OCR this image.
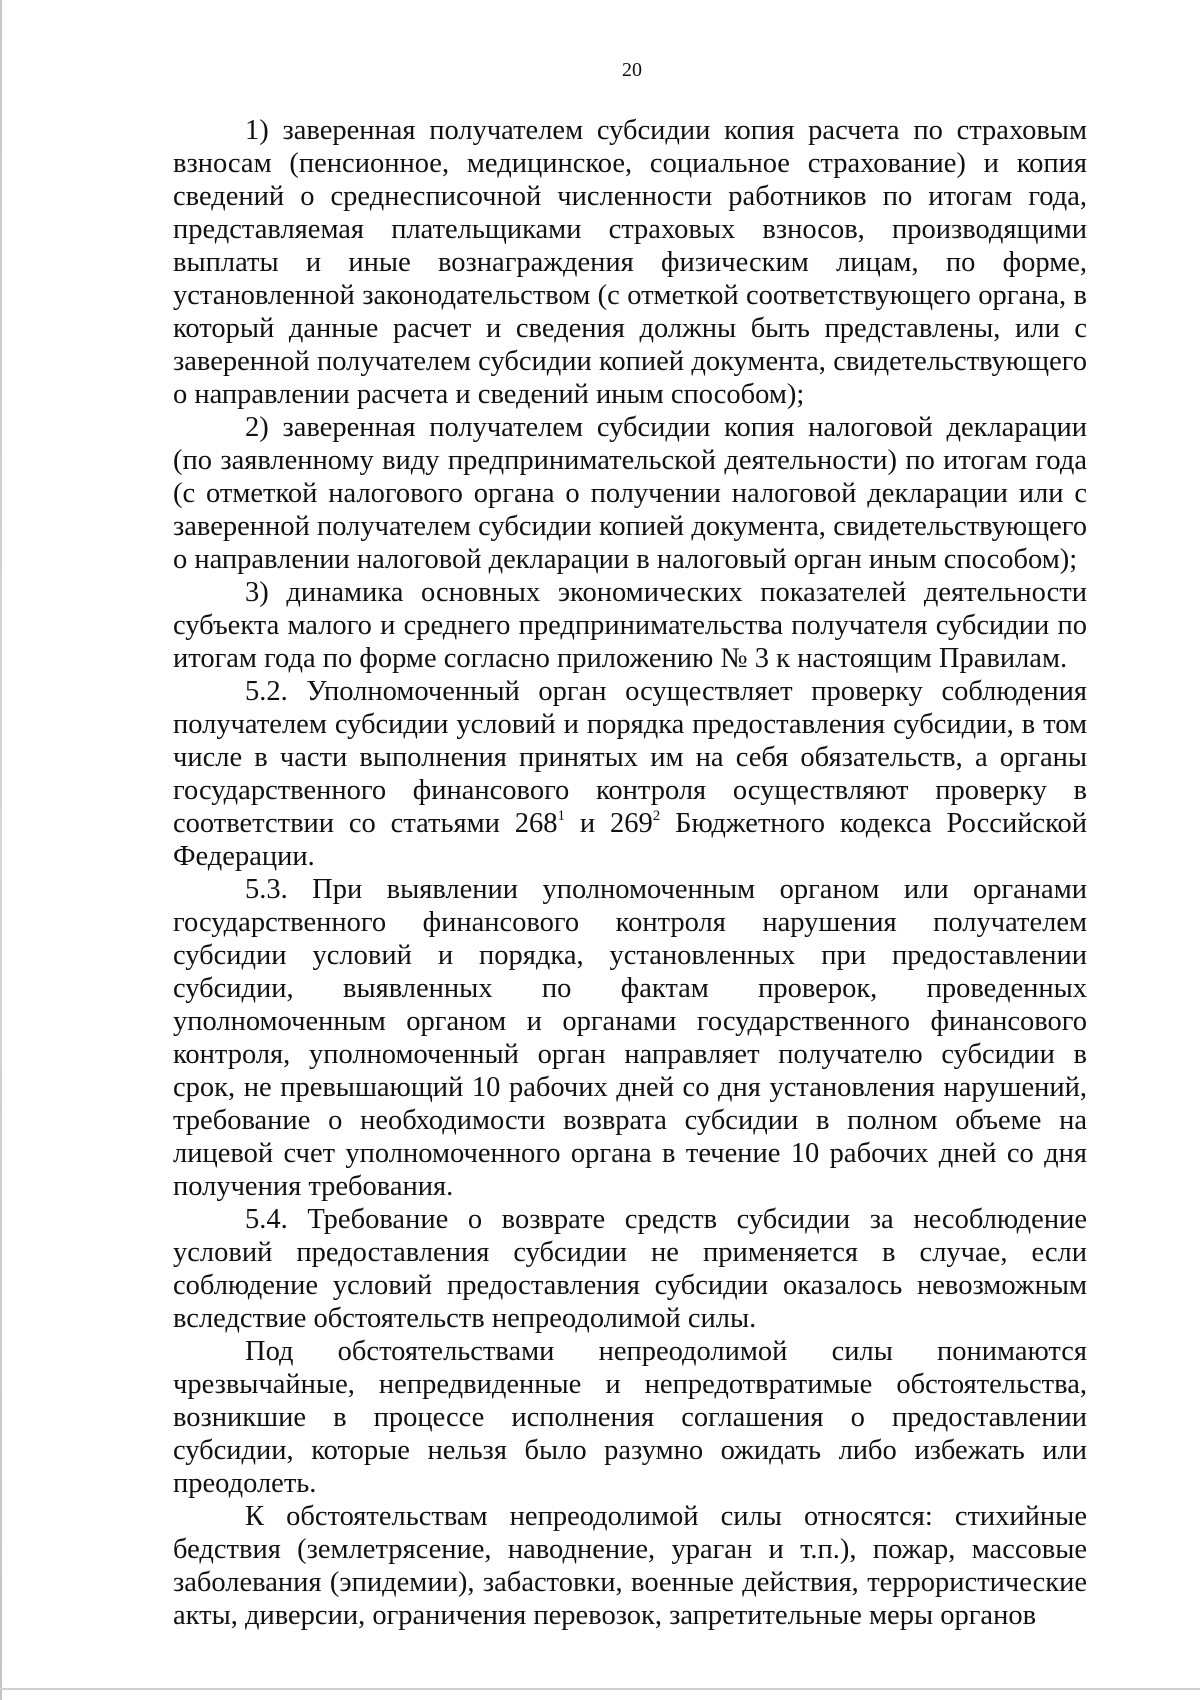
20

1) заверенная получателем субсидии копия расчета по страховым взносам (пенсионное, медицинское, социальное страхование) и копия сведений о среднесписочной численности работников по итогам года, представляемая плательщиками страховых взносов, производящими выплаты и иные вознаграждения физическим лицам, по форме, установленной законодательством (с отметкой соответствующего органа, в который данные расчет и сведения должны быть представлены, или с заверенной получателем субсидии копией документа, свидетельствующего о направлении расчета и сведений иным способом);

2) заверенная получателем субсидии копия налоговой декларации (по заявленному виду предпринимательской деятельности) по итогам года (с отметкой налогового органа о получении налоговой декларации или с заверенной получателем субсидии копией документа, свидетельствующего о направлении налоговой декларации в налоговый орган иным способом);

3) динамика основных экономических показателей деятельности субъекта малого и среднего предпринимательства получателя субсидии по итогам года по форме согласно приложению № 3 к настоящим Правилам.

5.2. Уполномоченный орган осуществляет проверку соблюдения получателем субсидии условий и порядка предоставления субсидии, в том числе в части выполнения принятых им на себя обязательств, а органы государственного финансового контроля осуществляют проверку в соответствии со статьями $268^1$ и $269^2$ Бюджетного кодекса Российской Федерации.

5.3. При выявлении уполномоченным органом или органами государственного финансового контроля нарушения получателем субсидии условий и порядка, установленных при предоставлении субсидии, выявленных по фактам проверок, проведенных уполномоченным органом и органами государственного финансового контроля, уполномоченный орган направляет получателю субсидии в срок, не превышающий 10 рабочих дней со дня установления нарушений, требование о необходимости возврата субсидии в полном объеме на лицевой счет уполномоченного органа в течение 10 рабочих дней со дня получения требования.

5.4. Требование о возврате средств субсидии за несоблюдение условий предоставления субсидии не применяется в случае, если соблюдение условий предоставления субсидии оказалось невозможным вследствие обстоятельств непреодолимой силы.

Под обстоятельствами непреодолимой силы понимаются чрезвычайные, непредвиденные и непредотвратимые обстоятельства, возникшие в процессе исполнения соглашения о предоставлении субсидии, которые нельзя было разумно ожидать либо избежать или преодолеть.

К обстоятельствам непреодолимой силы относятся: стихийные бедствия (землетрясение, наводнение, ураган и т.п.), пожар, массовые заболевания (эпидемии), забастовки, военные действия, террористические акты, диверсии, ограничения перевозок, запретительные меры органов
